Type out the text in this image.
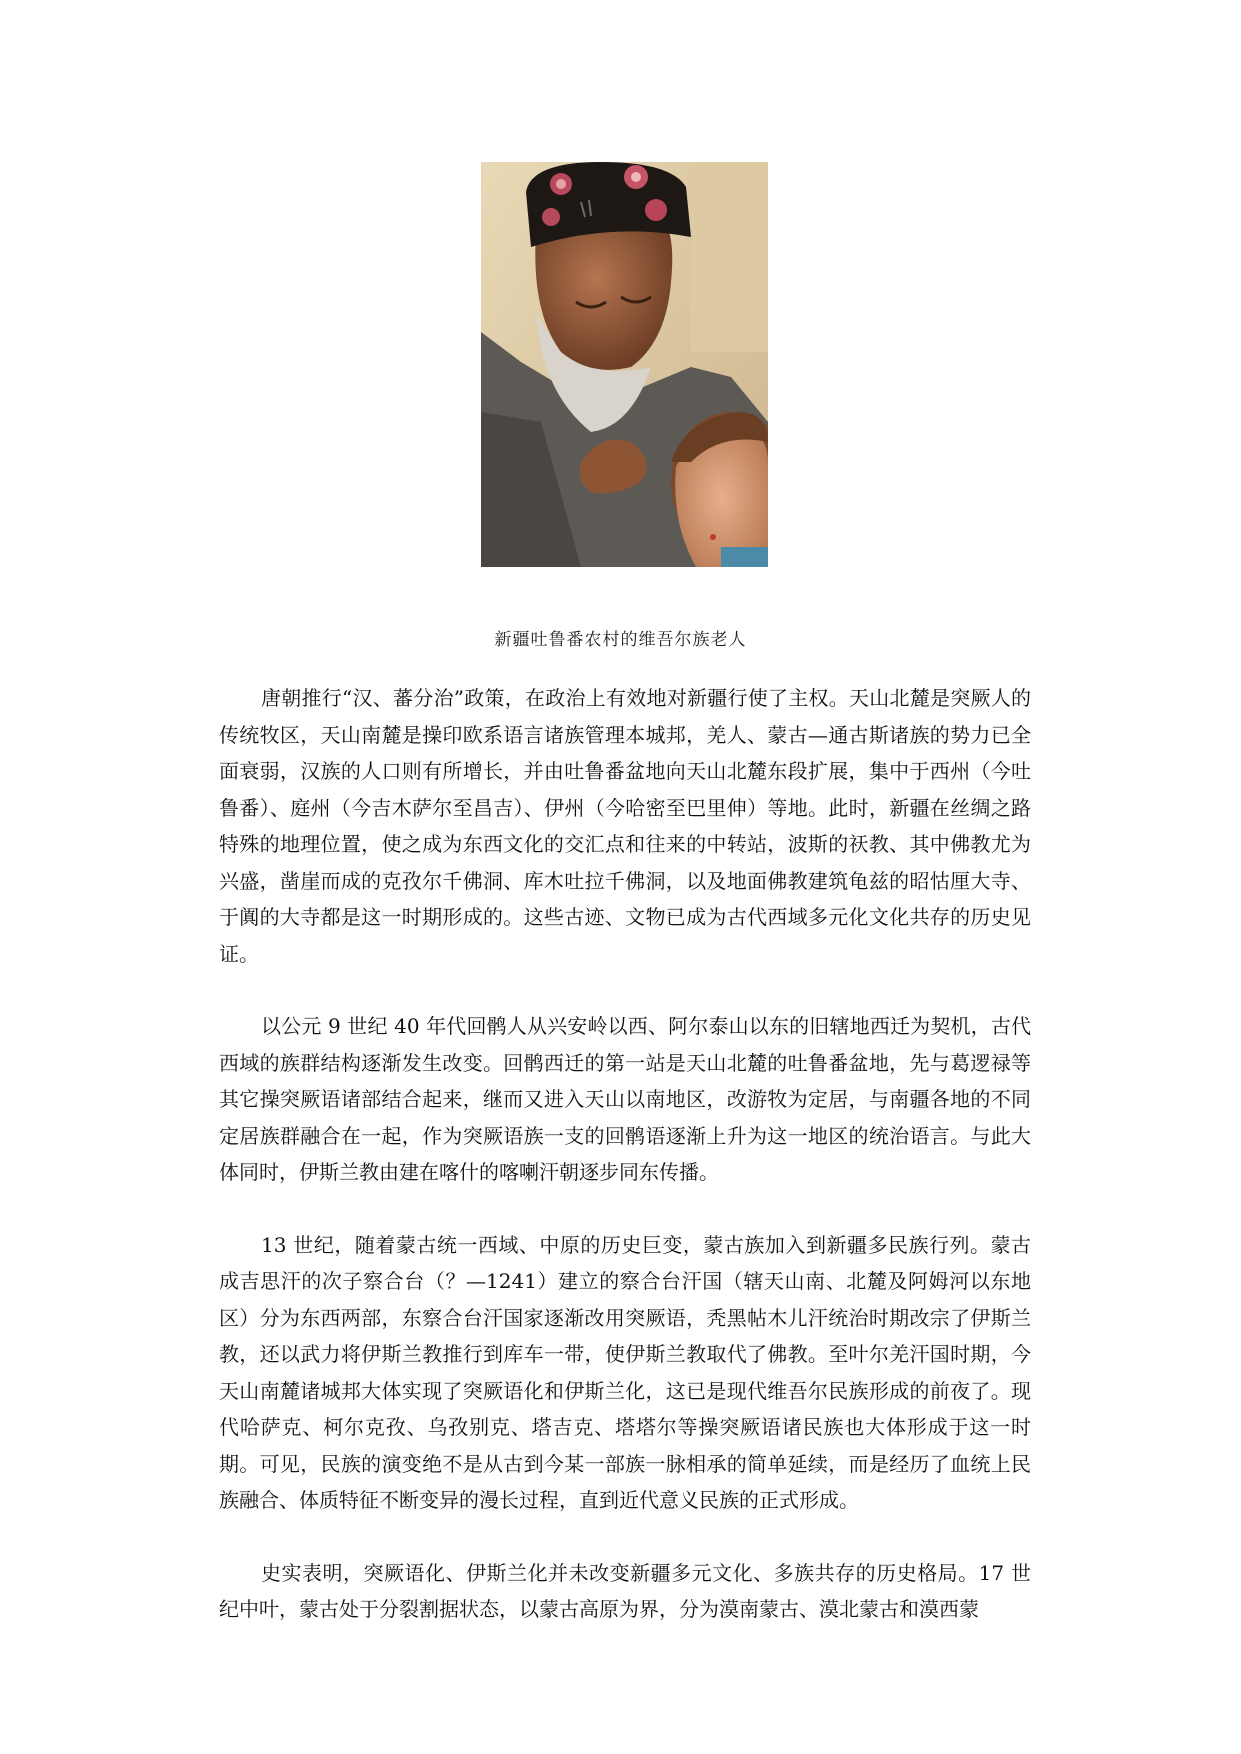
新疆吐鲁番农村的维吾尔族老人

唐朝推行“汉、蕃分治”政策，在政治上有效地对新疆行使了主权。天山北麓是突厥人的传统牧区，天山南麓是操印欧系语言诸族管理本城邦，羌人、蒙古—通古斯诸族的势力已全面衰弱，汉族的人口则有所增长，并由吐鲁番盆地向天山北麓东段扩展，集中于西州（今吐鲁番）、庭州（今吉木萨尔至昌吉）、伊州（今哈密至巴里伸）等地。此时，新疆在丝绸之路特殊的地理位置，使之成为东西文化的交汇点和往来的中转站，波斯的祆教、其中佛教尤为兴盛，凿崖而成的克孜尔千佛洞、库木吐拉千佛洞，以及地面佛教建筑龟兹的昭怙厘大寺、于阗的大寺都是这一时期形成的。这些古迹、文物已成为古代西域多元化文化共存的历史见证。

以公元 9 世纪 40 年代回鹘人从兴安岭以西、阿尔泰山以东的旧辖地西迁为契机，古代西域的族群结构逐渐发生改变。回鹘西迁的第一站是天山北麓的吐鲁番盆地，先与葛逻禄等其它操突厥语诸部结合起来，继而又进入天山以南地区，改游牧为定居，与南疆各地的不同定居族群融合在一起，作为突厥语族一支的回鹘语逐渐上升为这一地区的统治语言。与此大体同时，伊斯兰教由建在喀什的喀喇汗朝逐步同东传播。

13 世纪，随着蒙古统一西域、中原的历史巨变，蒙古族加入到新疆多民族行列。蒙古成吉思汗的次子察合台（？—1241）建立的察合台汗国（辖天山南、北麓及阿姆河以东地区）分为东西两部，东察合台汗国家逐渐改用突厥语，秃黑帖木儿汗统治时期改宗了伊斯兰教，还以武力将伊斯兰教推行到库车一带，使伊斯兰教取代了佛教。至叶尔羌汗国时期，今天山南麓诸城邦大体实现了突厥语化和伊斯兰化，这已是现代维吾尔民族形成的前夜了。现代哈萨克、柯尔克孜、乌孜别克、塔吉克、塔塔尔等操突厥语诸民族也大体形成于这一时期。可见，民族的演变绝不是从古到今某一部族一脉相承的简单延续，而是经历了血统上民族融合、体质特征不断变异的漫长过程，直到近代意义民族的正式形成。

史实表明，突厥语化、伊斯兰化并未改变新疆多元文化、多族共存的历史格局。17 世纪中叶，蒙古处于分裂割据状态，以蒙古高原为界，分为漠南蒙古、漠北蒙古和漠西蒙
